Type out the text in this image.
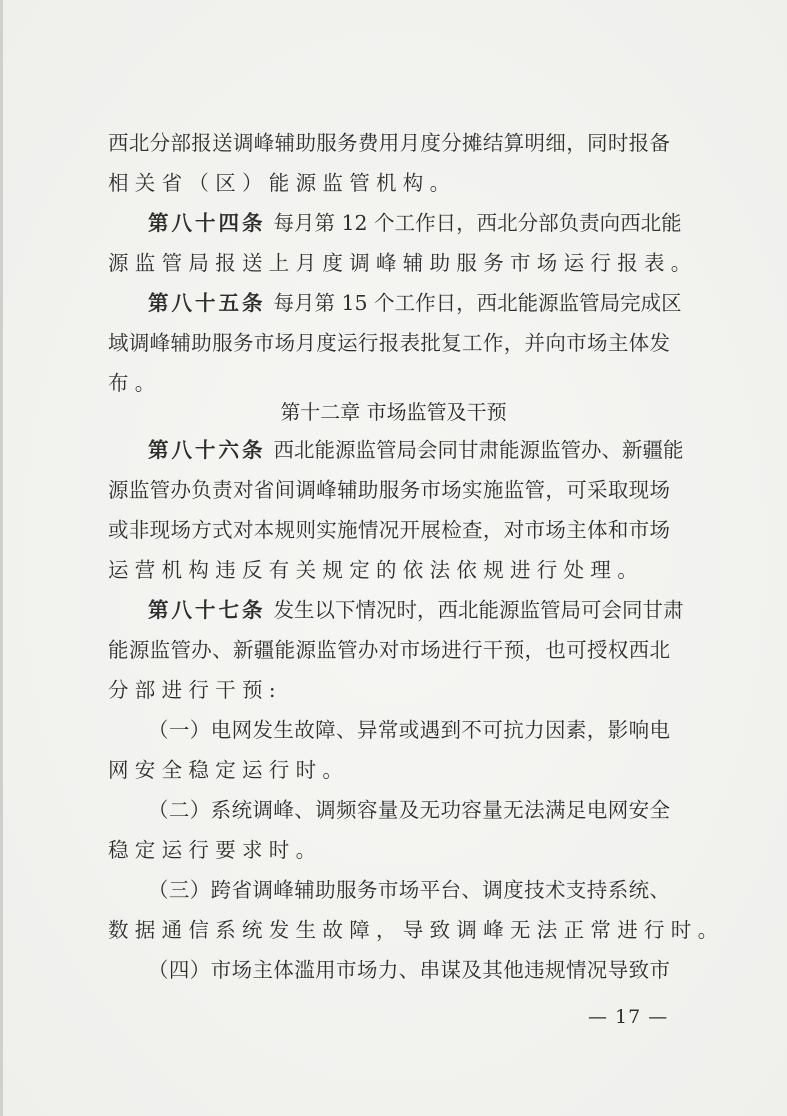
西北分部报送调峰辅助服务费用月度分摊结算明细，同时报备
相关省（区）能源监管机构。
第八十四条 每月第 12 个工作日，西北分部负责向西北能
源监管局报送上月度调峰辅助服务市场运行报表。
第八十五条 每月第 15 个工作日，西北能源监管局完成区
域调峰辅助服务市场月度运行报表批复工作，并向市场主体发
布。
第八十六条 西北能源监管局会同甘肃能源监管办、新疆能
源监管办负责对省间调峰辅助服务市场实施监管，可采取现场
或非现场方式对本规则实施情况开展检查，对市场主体和市场
运营机构违反有关规定的依法依规进行处理。
第八十七条 发生以下情况时，西北能源监管局可会同甘肃
能源监管办、新疆能源监管办对市场进行干预，也可授权西北
分部进行干预:
（一）电网发生故障、异常或遇到不可抗力因素，影响电
网安全稳定运行时。
（二）系统调峰、调频容量及无功容量无法满足电网安全
稳定运行要求时。
（三）跨省调峰辅助服务市场平台、调度技术支持系统、
数据通信系统发生故障，导致调峰无法正常进行时。
（四）市场主体滥用市场力、串谋及其他违规情况导致市
第十二章 市场监管及干预
— 17 —
